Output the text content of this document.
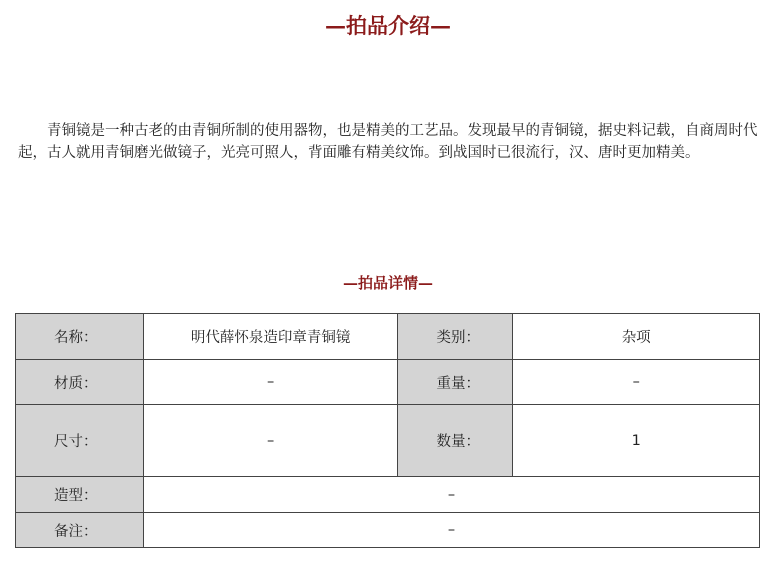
—拍品介绍—

青铜镜是一种古老的由青铜所制的使用器物，也是精美的工艺品。发现最早的青铜镜，据史料记载，自商周时代起，古人就用青铜磨光做镜子，光亮可照人，背面雕有精美纹饰。到战国时已很流行，汉、唐时更加精美。

—拍品详情—
名称：	明代薛怀泉造印章青铜镜	类别：	杂项
材质：	–	重量：	–
尺寸：	–	数量：	1
造型：	–		
备注：	–		
